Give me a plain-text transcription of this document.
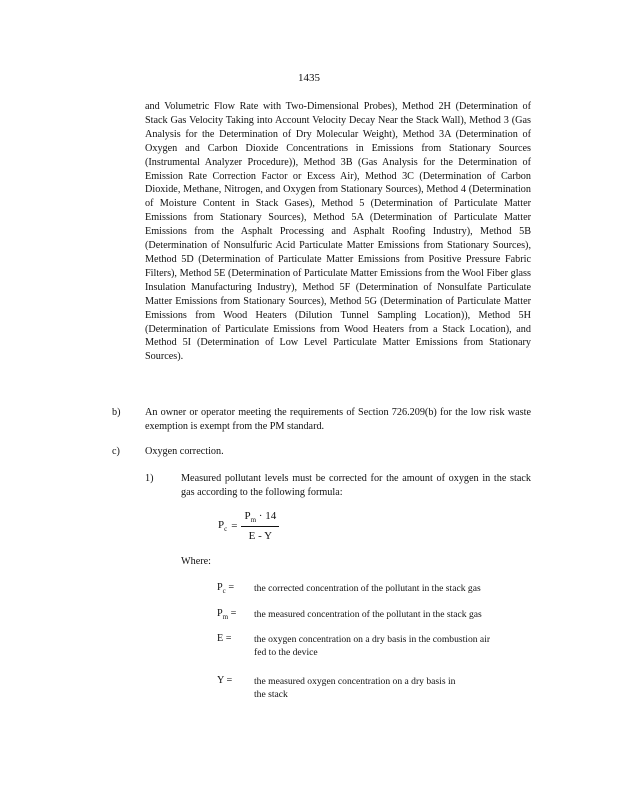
1435
and Volumetric Flow Rate with Two-Dimensional Probes), Method 2H (Determination of Stack Gas Velocity Taking into Account Velocity Decay Near the Stack Wall), Method 3 (Gas Analysis for the Determination of Dry Molecular Weight), Method 3A (Determination of Oxygen and Carbon Dioxide Concentrations in Emissions from Stationary Sources (Instrumental Analyzer Procedure)), Method 3B (Gas Analysis for the Determination of Emission Rate Correction Factor or Excess Air), Method 3C (Determination of Carbon Dioxide, Methane, Nitrogen, and Oxygen from Stationary Sources), Method 4 (Determination of Moisture Content in Stack Gases), Method 5 (Determination of Particulate Matter Emissions from Stationary Sources), Method 5A (Determination of Particulate Matter Emissions from the Asphalt Processing and Asphalt Roofing Industry), Method 5B (Determination of Nonsulfuric Acid Particulate Matter Emissions from Stationary Sources), Method 5D (Determination of Particulate Matter Emissions from Positive Pressure Fabric Filters), Method 5E (Determination of Particulate Matter Emissions from the Wool Fiber glass Insulation Manufacturing Industry), Method 5F (Determination of Nonsulfate Particulate Matter Emissions from Stationary Sources), Method 5G (Determination of Particulate Matter Emissions from Wood Heaters (Dilution Tunnel Sampling Location)), Method 5H (Determination of Particulate Emissions from Wood Heaters from a Stack Location), and Method 5I (Determination of Low Level Particulate Matter Emissions from Stationary Sources).
b) An owner or operator meeting the requirements of Section 726.209(b) for the low risk waste exemption is exempt from the PM standard.
c) Oxygen correction.
1)	Measured pollutant levels must be corrected for the amount of oxygen in the stack gas according to the following formula:
$P_c = \frac{P_m \cdot 14}{E - Y}$
Where:
$P_c$ = the corrected concentration of the pollutant in the stack gas
$P_m$ = the measured concentration of the pollutant in the stack gas
E = the oxygen concentration on a dry basis in the combustion air fed to the device
Y = the measured oxygen concentration on a dry basis in the stack
